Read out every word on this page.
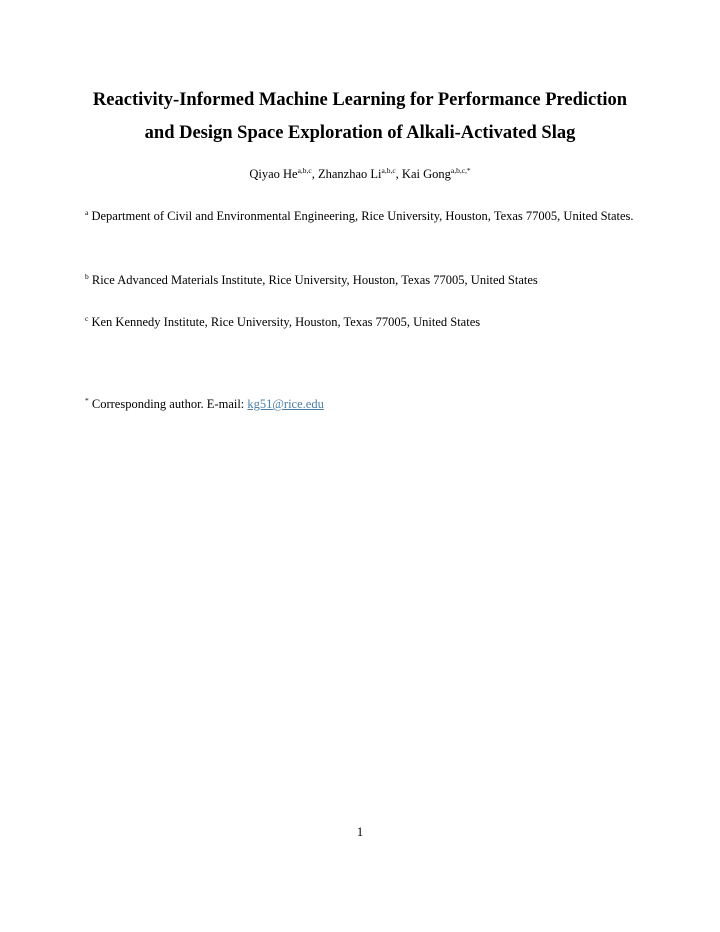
Reactivity-Informed Machine Learning for Performance Prediction
and Design Space Exploration of Alkali-Activated Slag
Qiyao He$^{a,b,c}$, Zhanzhao Li$^{a,b,c}$, Kai Gong$^{a,b,c,*}$
$^a$ Department of Civil and Environmental Engineering, Rice University, Houston, Texas 77005, United States.
$^b$ Rice Advanced Materials Institute, Rice University, Houston, Texas 77005, United States
$^c$ Ken Kennedy Institute, Rice University, Houston, Texas 77005, United States
* Corresponding author. E-mail: kg51@rice.edu
1
